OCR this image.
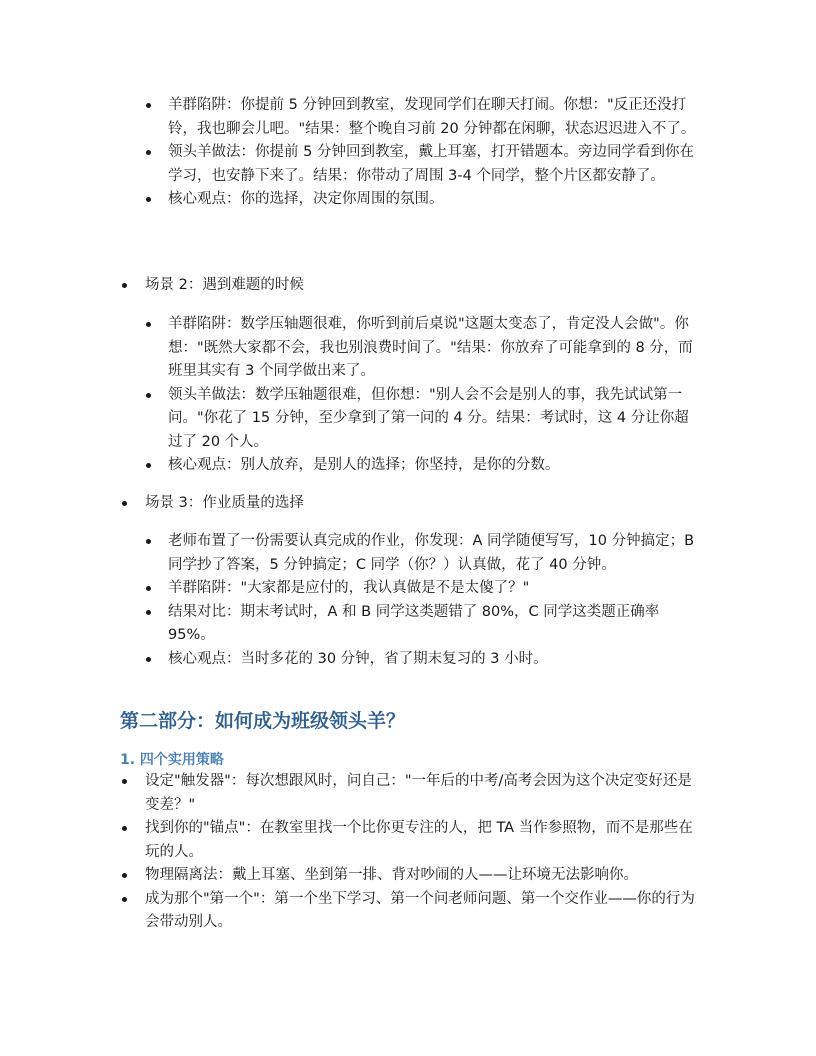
羊群陷阱：你提前 5 分钟回到教室，发现同学们在聊天打闹。你想："反正还没打铃，我也聊会儿吧。"结果：整个晚自习前 20 分钟都在闲聊，状态迟迟进入不了。
领头羊做法：你提前 5 分钟回到教室，戴上耳塞，打开错题本。旁边同学看到你在学习，也安静下来了。结果：你带动了周围 3-4 个同学，整个片区都安静了。
核心观点：你的选择，决定你周围的氛围。
场景 2：遇到难题的时候
羊群陷阱：数学压轴题很难，你听到前后桌说"这题太变态了，肯定没人会做"。你想："既然大家都不会，我也别浪费时间了。"结果：你放弃了可能拿到的 8 分，而班里其实有 3 个同学做出来了。
领头羊做法：数学压轴题很难，但你想："别人会不会是别人的事，我先试试第一问。"你花了 15 分钟，至少拿到了第一问的 4 分。结果：考试时，这 4 分让你超过了 20 个人。
核心观点：别人放弃，是别人的选择；你坚持，是你的分数。
场景 3：作业质量的选择
老师布置了一份需要认真完成的作业，你发现：A 同学随便写写，10 分钟搞定；B 同学抄了答案，5 分钟搞定；C 同学（你？）认真做，花了 40 分钟。
羊群陷阱："大家都是应付的，我认真做是不是太傻了？"
结果对比：期末考试时，A 和 B 同学这类题错了 80%，C 同学这类题正确率 95%。
核心观点：当时多花的 30 分钟，省了期末复习的 3 小时。
第二部分：如何成为班级领头羊？
1. 四个实用策略
设定"触发器"：每次想跟风时，问自己："一年后的中考/高考会因为这个决定变好还是变差？"
找到你的"锚点"：在教室里找一个比你更专注的人，把 TA 当作参照物，而不是那些在玩的人。
物理隔离法：戴上耳塞、坐到第一排、背对吵闹的人——让环境无法影响你。
成为那个"第一个"：第一个坐下学习、第一个问老师问题、第一个交作业——你的行为会带动别人。
